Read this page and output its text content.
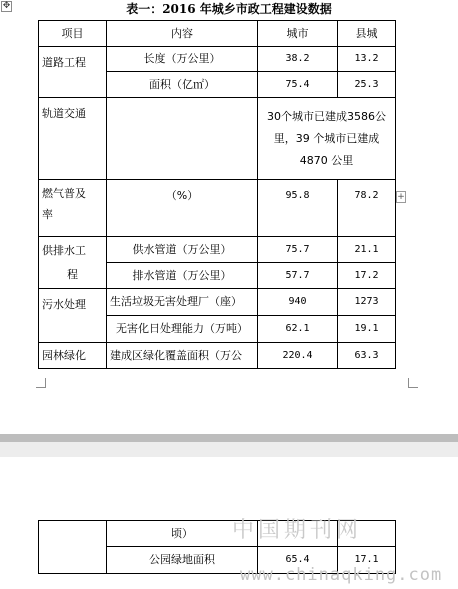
✥	表一：2016 年城乡市政工程建设数据
项目	内容	城市	县城
道路工程	长度（万公里）	38.2	13.2
	面积（亿㎡）	75.4	25.3
轨道交通		30个城市已建成3586公
里，39 个城市已建成
4870 公里	

燃气普及
率	（%）	95.8	78.2

供排水工
程	供水管道（万公里）	75.7	21.1
	排水管道（万公里）	57.7	17.2
污水处理	生活垃圾无害处理厂（座）	940	1273
	无害化日处理能力（万吨）	62.1	19.1
园林绿化	建成区绿化覆盖面积（万公	220.4	63.3
+
	顷）		
	公园绿地面积	65.4	17.1
中国期刊网
www.chinaqking.com
